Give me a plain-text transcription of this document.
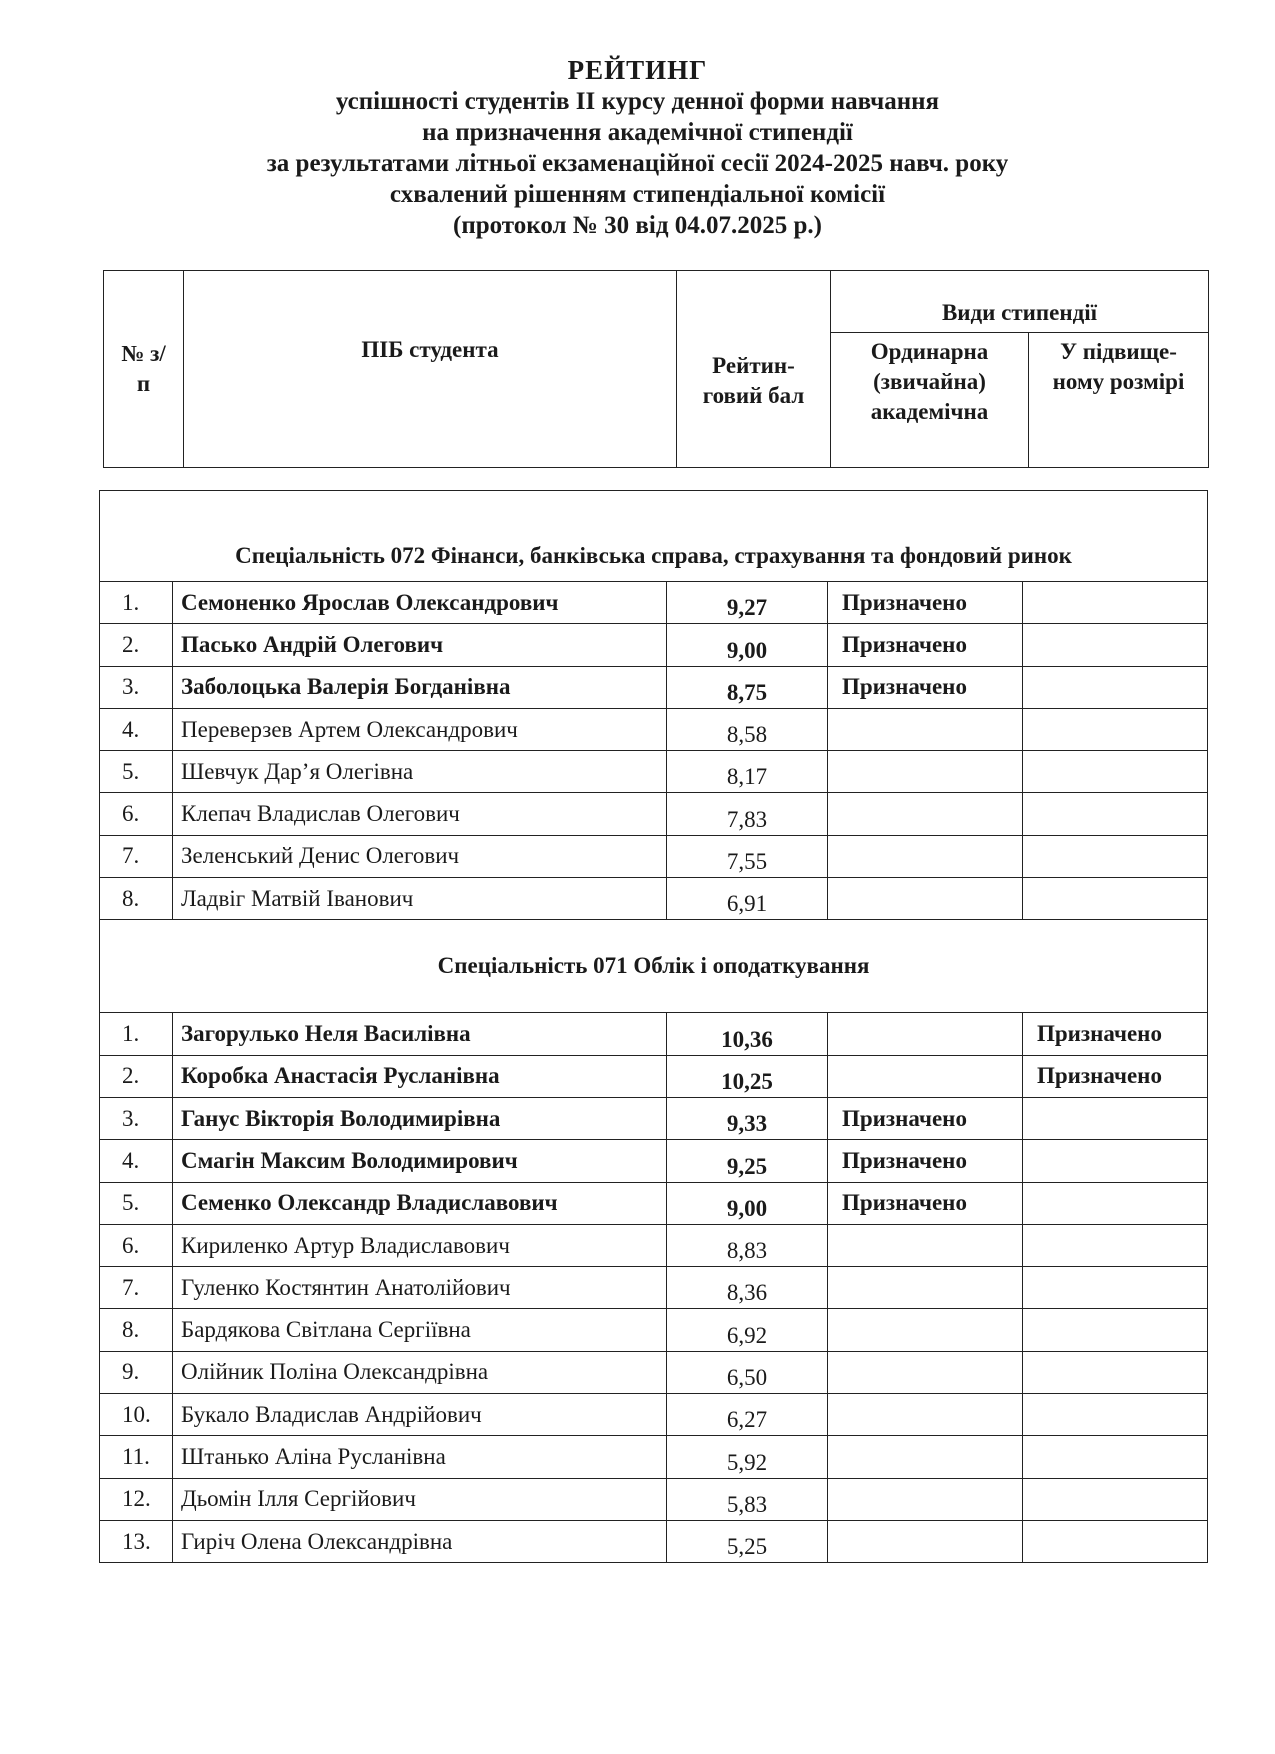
РЕЙТИНГ
успішності студентів ІІ курсу денної форми навчання
на призначення академічної стипендії
за результатами літньої екзаменаційної сесії 2024-2025 навч. року
схвалений рішенням стипендіальної комісії
(протокол № 30 від 04.07.2025 р.)
№ з/п	ПІБ студента	Рейтин-говий бал	Види стипендії	
			Ординарна (звичайна) академічна	У підвище-ному розмірі
Спеціальність 072 Фінанси, банківська справа, страхування та фондовий ринок				
1.	Семоненко Ярослав Олександрович	9,27	Призначено	
2.	Пасько Андрій Олегович	9,00	Призначено	
3.	Заболоцька Валерія Богданівна	8,75	Призначено	
4.	Переверзев Артем Олександрович	8,58		
5.	Шевчук Дар’я Олегівна	8,17		
6.	Клепач Владислав Олегович	7,83		
7.	Зеленський Денис Олегович	7,55		
8.	Ладвіг Матвій Іванович	6,91		
Спеціальність 071 Облік і оподаткування				
1.	Загорулько Неля Василівна	10,36		Призначено
2.	Коробка Анастасія Русланівна	10,25		Призначено
3.	Ганус Вікторія Володимирівна	9,33	Призначено	
4.	Смагін Максим Володимирович	9,25	Призначено	
5.	Семенко Олександр Владиславович	9,00	Призначено	
6.	Кириленко Артур Владиславович	8,83		
7.	Гуленко Костянтин Анатолійович	8,36		
8.	Бардякова Світлана Сергіївна	6,92		
9.	Олійник Поліна Олександрівна	6,50		
10.	Букало Владислав Андрійович	6,27		
11.	Штанько Аліна Русланівна	5,92		
12.	Дьомін Ілля Сергійович	5,83		
13.	Гиріч Олена Олександрівна	5,25		
